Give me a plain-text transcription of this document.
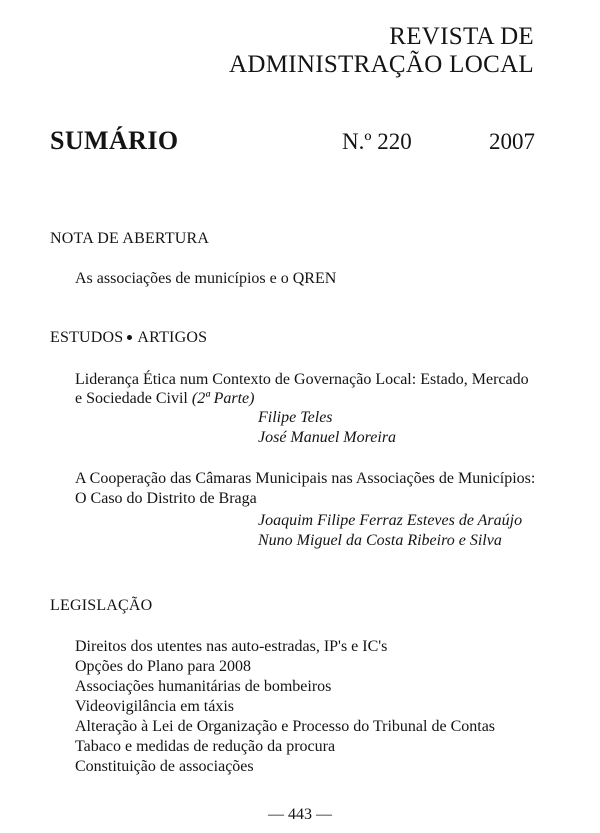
REVISTA DE
ADMINISTRAÇÃO LOCAL
SUMÁRIO	N.º 220	2007
NOTA DE ABERTURA
As associações de municípios e o QREN
ESTUDOS ARTIGOS
Liderança Ética num Contexto de Governação Local: Estado, Mercado
e Sociedade Civil (2ª Parte)
Filipe Teles
José Manuel Moreira
A Cooperação das Câmaras Municipais nas Associações de Municípios:
O Caso do Distrito de Braga
Joaquim Filipe Ferraz Esteves de Araújo
Nuno Miguel da Costa Ribeiro e Silva
LEGISLAÇÃO
Direitos dos utentes nas auto-estradas, IP's e IC's
Opções do Plano para 2008
Associações humanitárias de bombeiros
Videovigilância em táxis
Alteração à Lei de Organização e Processo do Tribunal de Contas
Tabaco e medidas de redução da procura
Constituição de associações
— 443 —
